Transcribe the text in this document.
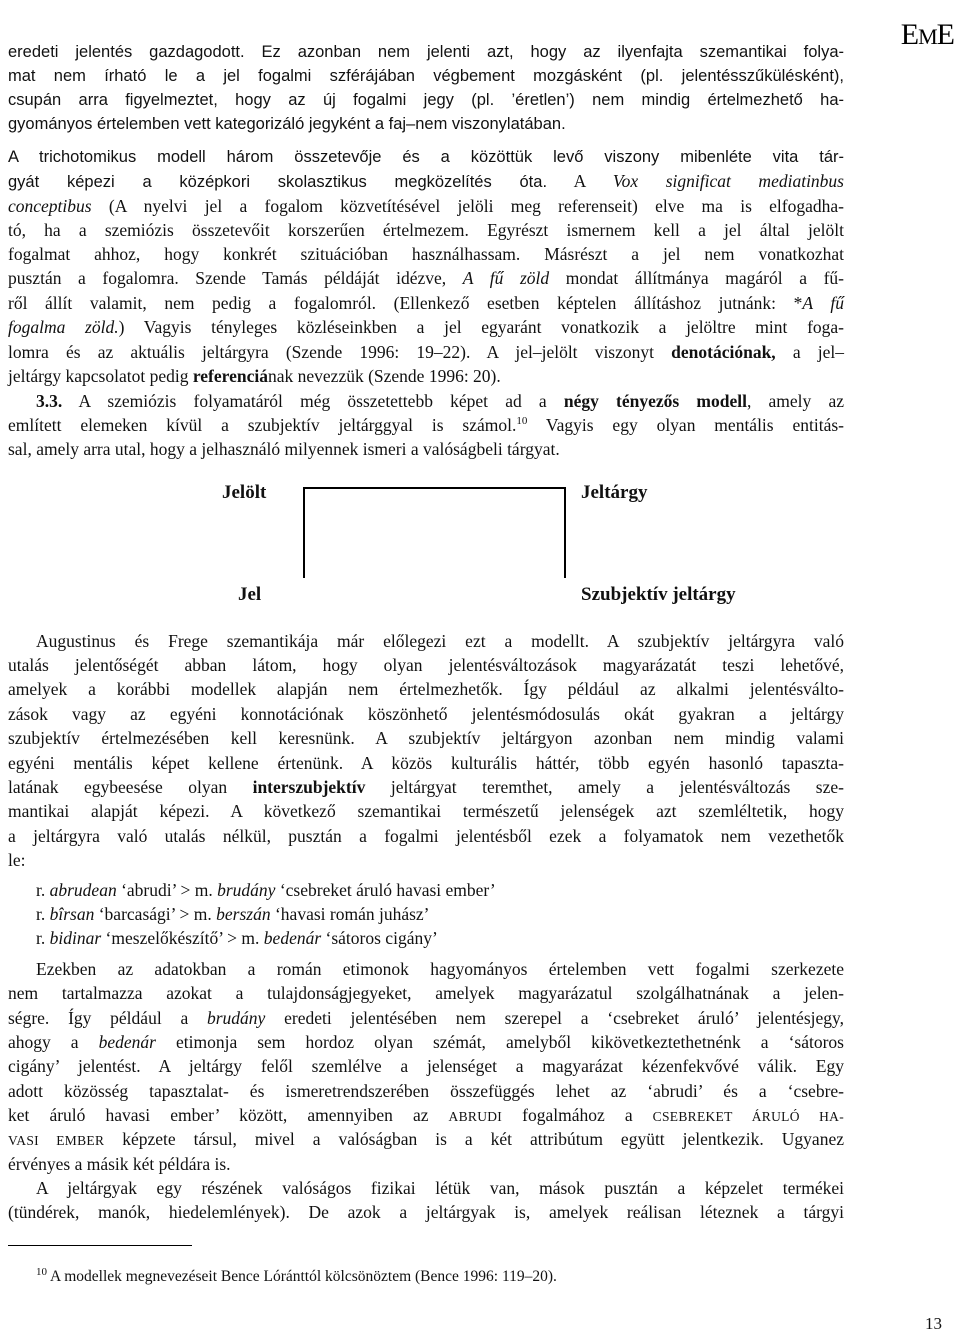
EME
eredeti jelentés gazdagodott. Ez azonban nem jelenti azt, hogy az ilyenfajta szemantikai folya-
mat nem írható le a jel fogalmi szférájában végbement mozgásként (pl. jelentésszűkülésként),
csupán arra figyelmeztet, hogy az új fogalmi jegy (pl. ’éretlen’) nem mindig értelmezhető ha-
gyományos értelemben vett kategorizáló jegyként a faj–nem viszonylatában.
A trichotomikus modell három összetevője és a közöttük levő viszony mibenléte vita tár-
gyát képezi a középkori skolasztikus megközelítés óta. A Vox significat mediatinbus
conceptibus (A nyelvi jel a fogalom közvetítésével jelöli meg referenseit) elve ma is elfogadha-
tó, ha a szemiózis összetevőit korszerűen értelmezem. Egyrészt ismernem kell a jel által jelölt
fogalmat ahhoz, hogy konkrét szituációban használhassam. Másrészt a jel nem vonatkozhat
pusztán a fogalomra. Szende Tamás példáját idézve, A fű zöld mondat állítmánya magáról a fű-
ről állít valamit, nem pedig a fogalomról. (Ellenkező esetben képtelen állításhoz jutnánk: *A fű
fogalma zöld.) Vagyis tényleges közléseinkben a jel egyaránt vonatkozik a jelöltre mint foga-
lomra és az aktuális jeltárgyra (Szende 1996: 19–22). A jel–jelölt viszonyt denotációnak, a jel–
jeltárgy kapcsolatot pedig referenciának nevezzük (Szende 1996: 20).
3.3. A szemiózis folyamatáról még összetettebb képet ad a négy tényezős modell, amely az
említett elemeken kívül a szubjektív jeltárggyal is számol.$^{10}$ Vagyis egy olyan mentális entitás-
sal, amely arra utal, hogy a jelhasználó milyennek ismeri a valóságbeli tárgyat.
Jelölt	Jeltárgy
Jel	Szubjektív jeltárgy
Augustinus és Frege szemantikája már előlegezi ezt a modellt. A szubjektív jeltárgyra való
utalás jelentőségét abban látom, hogy olyan jelentésváltozások magyarázatát teszi lehetővé,
amelyek a korábbi modellek alapján nem értelmezhetők. Így például az alkalmi jelentésválto-
zások vagy az egyéni konnotációnak köszönhető jelentésmódosulás okát gyakran a jeltárgy
szubjektív értelmezésében kell keresnünk. A szubjektív jeltárgyon azonban nem mindig valami
egyéni mentális képet kellene értenünk. A közös kulturális háttér, több egyén hasonló tapaszta-
latának egybeesése olyan interszubjektív jeltárgyat teremthet, amely a jelentésváltozás sze-
mantikai alapját képezi. A következő szemantikai természetű jelenségek azt szemléltetik, hogy
a jeltárgyra való utalás nélkül, pusztán a fogalmi jelentésből ezek a folyamatok nem vezethetők
le:
r. abrudean ‘abrudi’ > m. brudány ‘csebreket áruló havasi ember’
r. bîrsan ‘barcasági’ > m. berszán ‘havasi román juhász’
r. bidinar ‘meszelőkészítő’ > m. bedenár ‘sátoros cigány’
Ezekben az adatokban a román etimonok hagyományos értelemben vett fogalmi szerkezete
nem tartalmazza azokat a tulajdonságjegyeket, amelyek magyarázatul szolgálhatnának a jelen-
ségre. Így például a brudány eredeti jelentésében nem szerepel a ‘csebreket áruló’ jelentésjegy,
ahogy a bedenár etimonja sem hordoz olyan szémát, amelyből kikövetkeztethetnénk a ‘sátoros
cigány’ jelentést. A jeltárgy felől szemlélve a jelenséget a magyarázat kézenfekvővé válik. Egy
adott közösség tapasztalat- és ismeretrendszerében összefüggés lehet az ‘abrudi’ és a ‘csebre-
ket áruló havasi ember’ között, amennyiben az ABRUDI fogalmához a CSEBREKET ÁRULÓ HA-
VASI EMBER képzete társul, mivel a valóságban is a két attribútum együtt jelentkezik. Ugyanez
érvényes a másik két példára is.
A jeltárgyak egy részének valóságos fizikai létük van, mások pusztán a képzelet termékei
(tündérek, manók, hiedelemlények). De azok a jeltárgyak is, amelyek reálisan léteznek a tárgyi
$^{10}$ A modellek megnevezéseit Bence Lóránttól kölcsönöztem (Bence 1996: 119–20).
13
